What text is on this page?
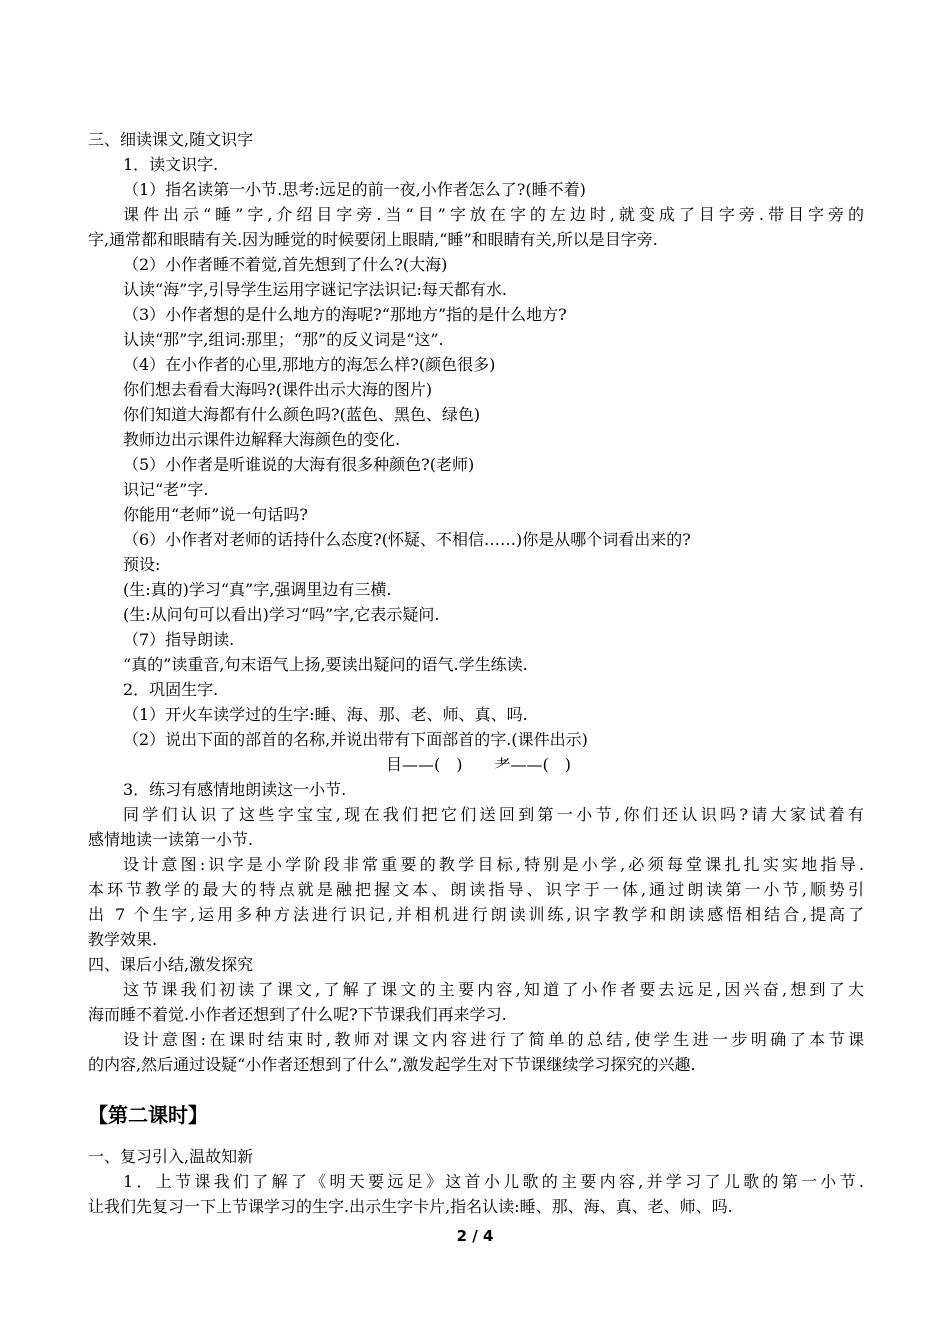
三、细读课文,随文识字
1．读文识字.
（1）指名读第一小节.思考:远足的前一夜,小作者怎么了?(睡不着)
课件出示“睡”字,介绍目字旁.当“目”字放在字的左边时,就变成了目字旁.带目字旁的
字,通常都和眼睛有关.因为睡觉的时候要闭上眼睛,“睡”和眼睛有关,所以是目字旁.
（2）小作者睡不着觉,首先想到了什么?(大海)
认读“海”字,引导学生运用字谜记字法识记:每天都有水.
（3）小作者想的是什么地方的海呢?“那地方”指的是什么地方?
认读“那”字,组词:那里；“那”的反义词是“这”.
（4）在小作者的心里,那地方的海怎么样?(颜色很多)
你们想去看看大海吗?(课件出示大海的图片)
你们知道大海都有什么颜色吗?(蓝色、黑色、绿色)
教师边出示课件边解释大海颜色的变化.
（5）小作者是听谁说的大海有很多种颜色?(老师)
识记“老”字.
你能用“老师”说一句话吗?
（6）小作者对老师的话持什么态度?(怀疑、不相信……)你是从哪个词看出来的?
预设:
(生:真的)学习“真”字,强调里边有三横.
(生:从问句可以看出)学习“吗”字,它表示疑问.
（7）指导朗读.
“真的”读重音,句末语气上扬,要读出疑问的语气.学生练读.
2．巩固生字.
（1）开火车读学过的生字:睡、海、那、老、师、真、吗.
（2）说出下面的部首的名称,并说出带有下面部首的字.(课件出示)
目——(　)　　耂——(　)
3．练习有感情地朗读这一小节.
同学们认识了这些字宝宝,现在我们把它们送回到第一小节,你们还认识吗?请大家试着有
感情地读一读第一小节.
设计意图:识字是小学阶段非常重要的教学目标,特别是小学,必须每堂课扎扎实实地指导.
本环节教学的最大的特点就是融把握文本、朗读指导、识字于一体,通过朗读第一小节,顺势引
出 7 个生字,运用多种方法进行识记,并相机进行朗读训练,识字教学和朗读感悟相结合,提高了
教学效果.
四、课后小结,激发探究
这节课我们初读了课文,了解了课文的主要内容,知道了小作者要去远足,因兴奋,想到了大
海而睡不着觉.小作者还想到了什么呢?下节课我们再来学习.
设计意图:在课时结束时,教师对课文内容进行了简单的总结,使学生进一步明确了本节课
的内容,然后通过设疑“小作者还想到了什么”,激发起学生对下节课继续学习探究的兴趣.
【第二课时】
一、复习引入,温故知新
1．上节课我们了解了《明天要远足》这首小儿歌的主要内容,并学习了儿歌的第一小节.
让我们先复习一下上节课学习的生字.出示生字卡片,指名认读:睡、那、海、真、老、师、吗.
2 / 4
